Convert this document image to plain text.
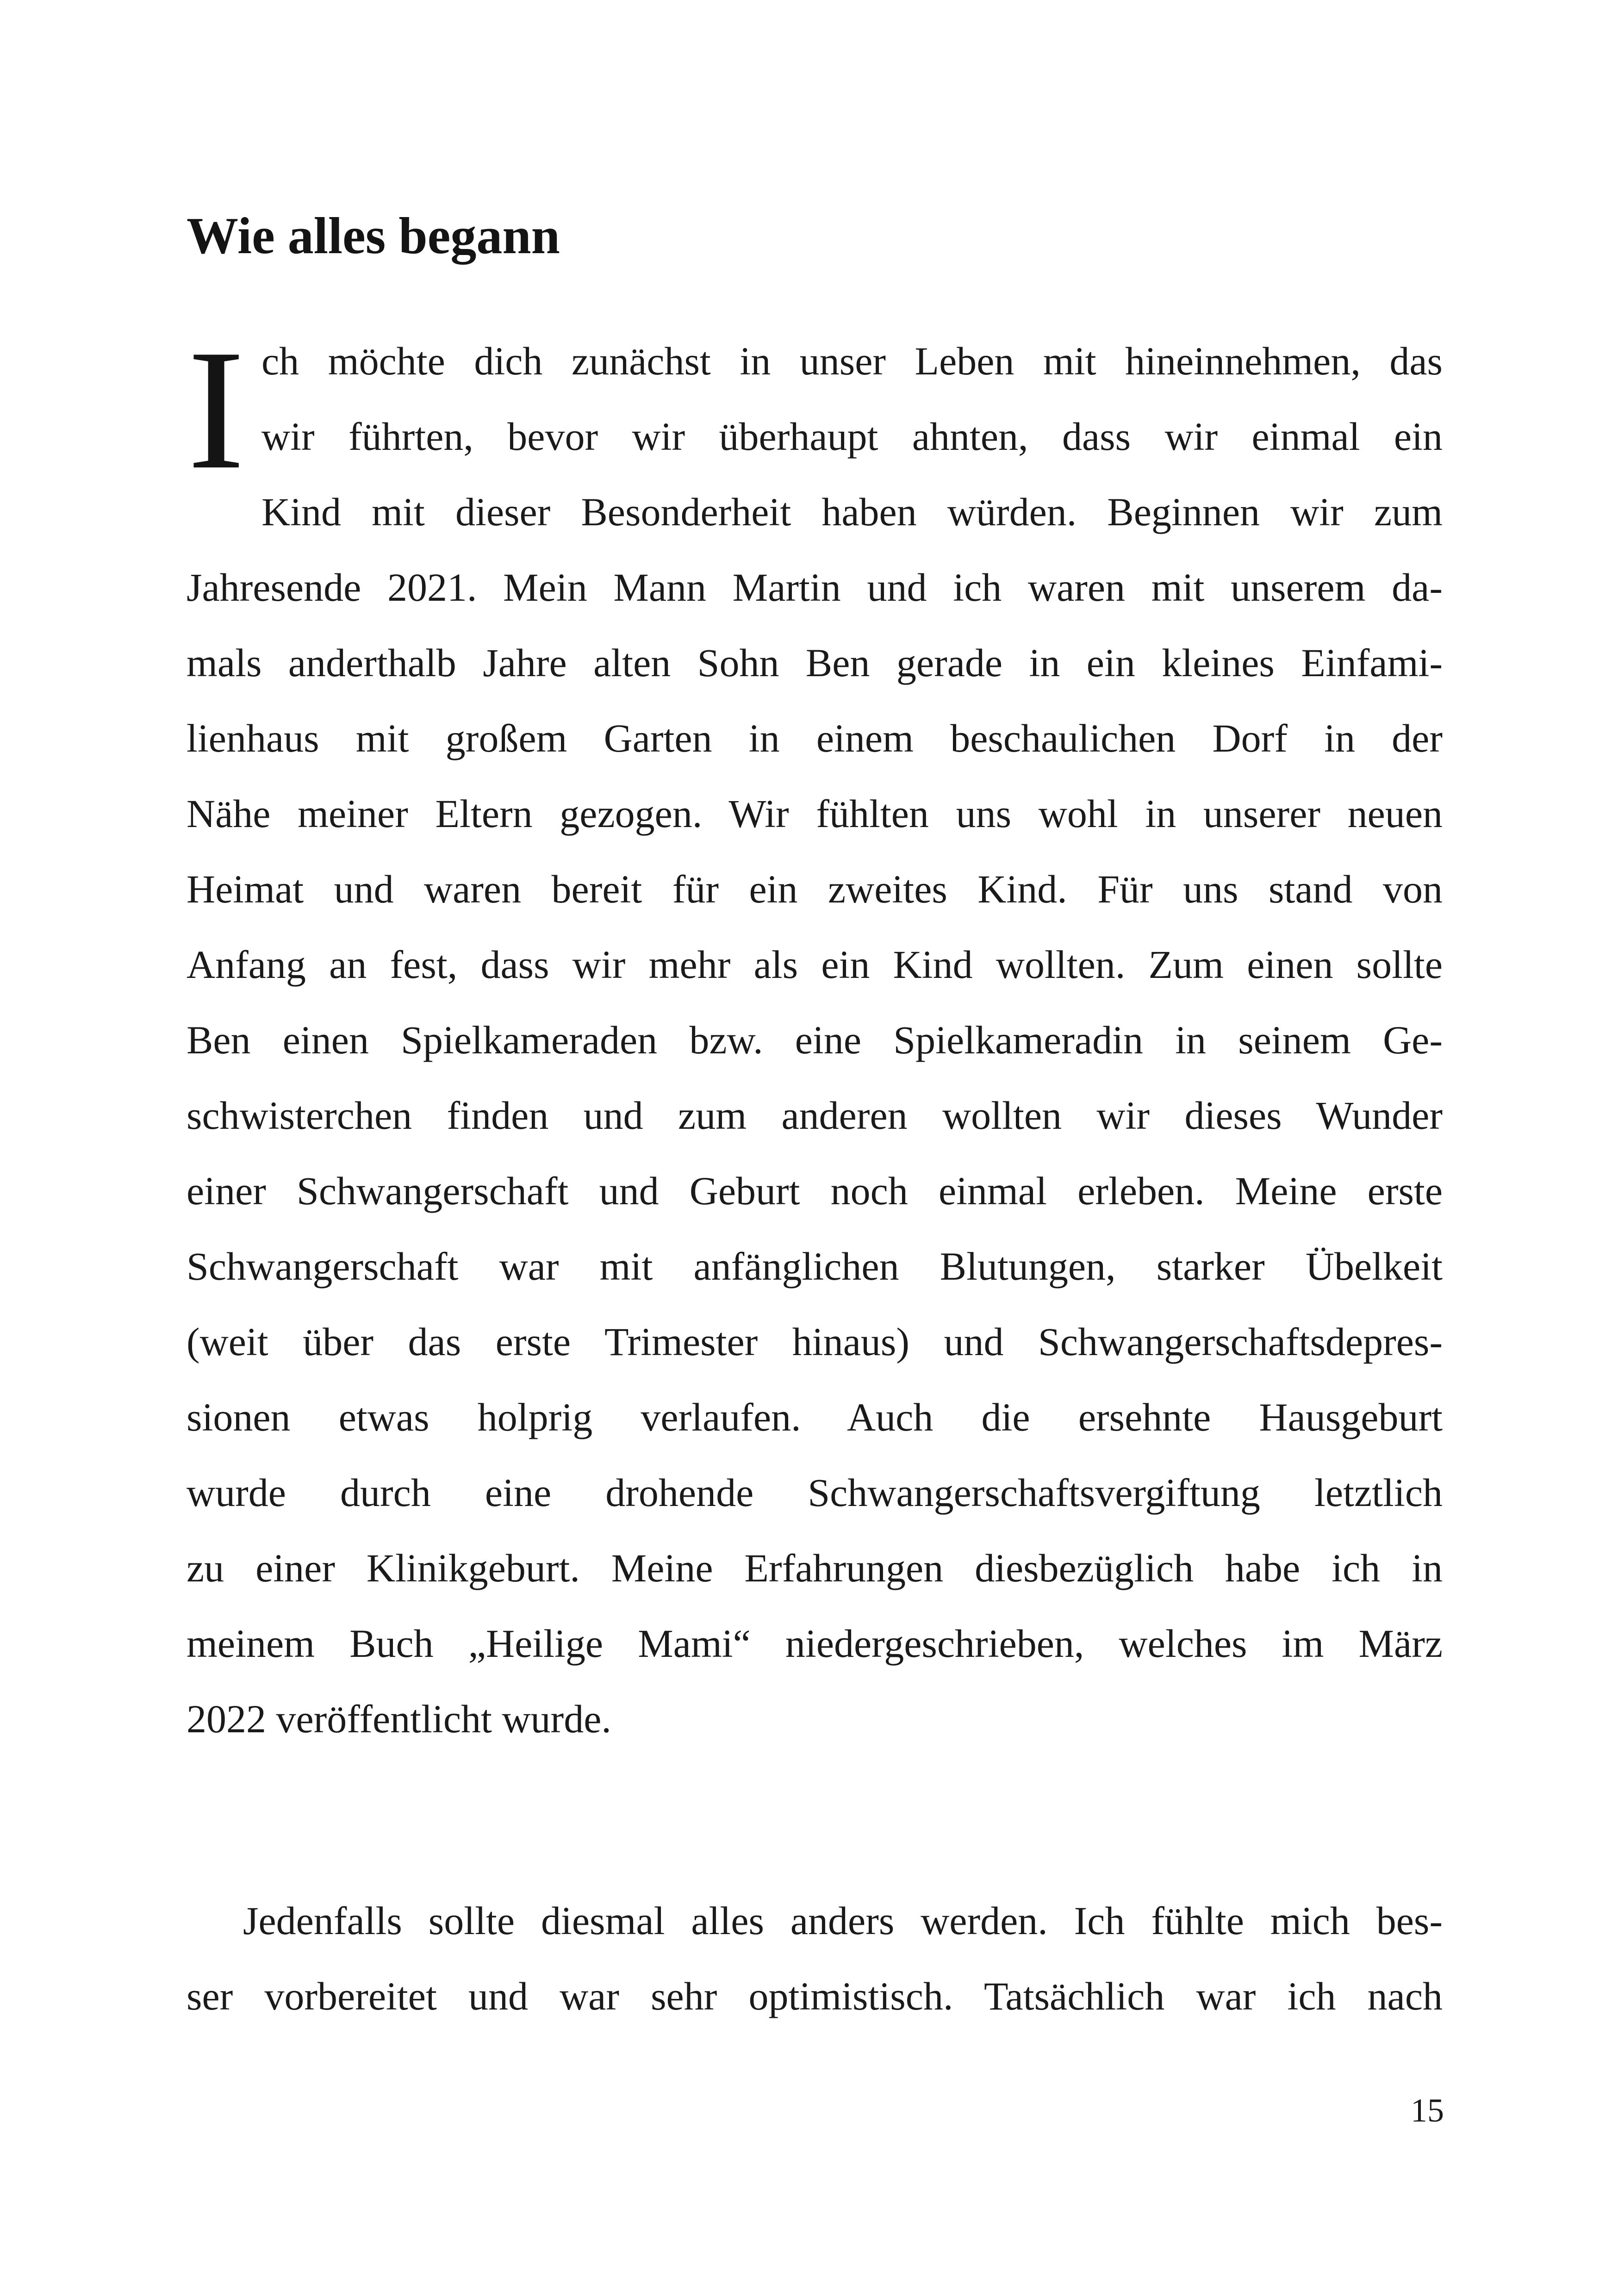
Wie alles begann
I ch möchte dich zunächst in unser Leben mit hineinnehmen, das
wir führten, bevor wir überhaupt ahnten, dass wir einmal ein
Kind mit dieser Besonderheit haben würden. Beginnen wir zum
Jahresende 2021. Mein Mann Martin und ich waren mit unserem da-
mals anderthalb Jahre alten Sohn Ben gerade in ein kleines Einfami-
lienhaus mit großem Garten in einem beschaulichen Dorf in der
Nähe meiner Eltern gezogen. Wir fühlten uns wohl in unserer neuen
Heimat und waren bereit für ein zweites Kind. Für uns stand von
Anfang an fest, dass wir mehr als ein Kind wollten. Zum einen sollte
Ben einen Spielkameraden bzw. eine Spielkameradin in seinem Ge-
schwisterchen finden und zum anderen wollten wir dieses Wunder
einer Schwangerschaft und Geburt noch einmal erleben. Meine erste
Schwangerschaft war mit anfänglichen Blutungen, starker Übelkeit
(weit über das erste Trimester hinaus) und Schwangerschaftsdepres-
sionen etwas holprig verlaufen. Auch die ersehnte Hausgeburt
wurde durch eine drohende Schwangerschaftsvergiftung letztlich
zu einer Klinikgeburt. Meine Erfahrungen diesbezüglich habe ich in
meinem Buch „Heilige Mami“ niedergeschrieben, welches im März
2022 veröffentlicht wurde.
Jedenfalls sollte diesmal alles anders werden. Ich fühlte mich bes-
ser vorbereitet und war sehr optimistisch. Tatsächlich war ich nach
15
